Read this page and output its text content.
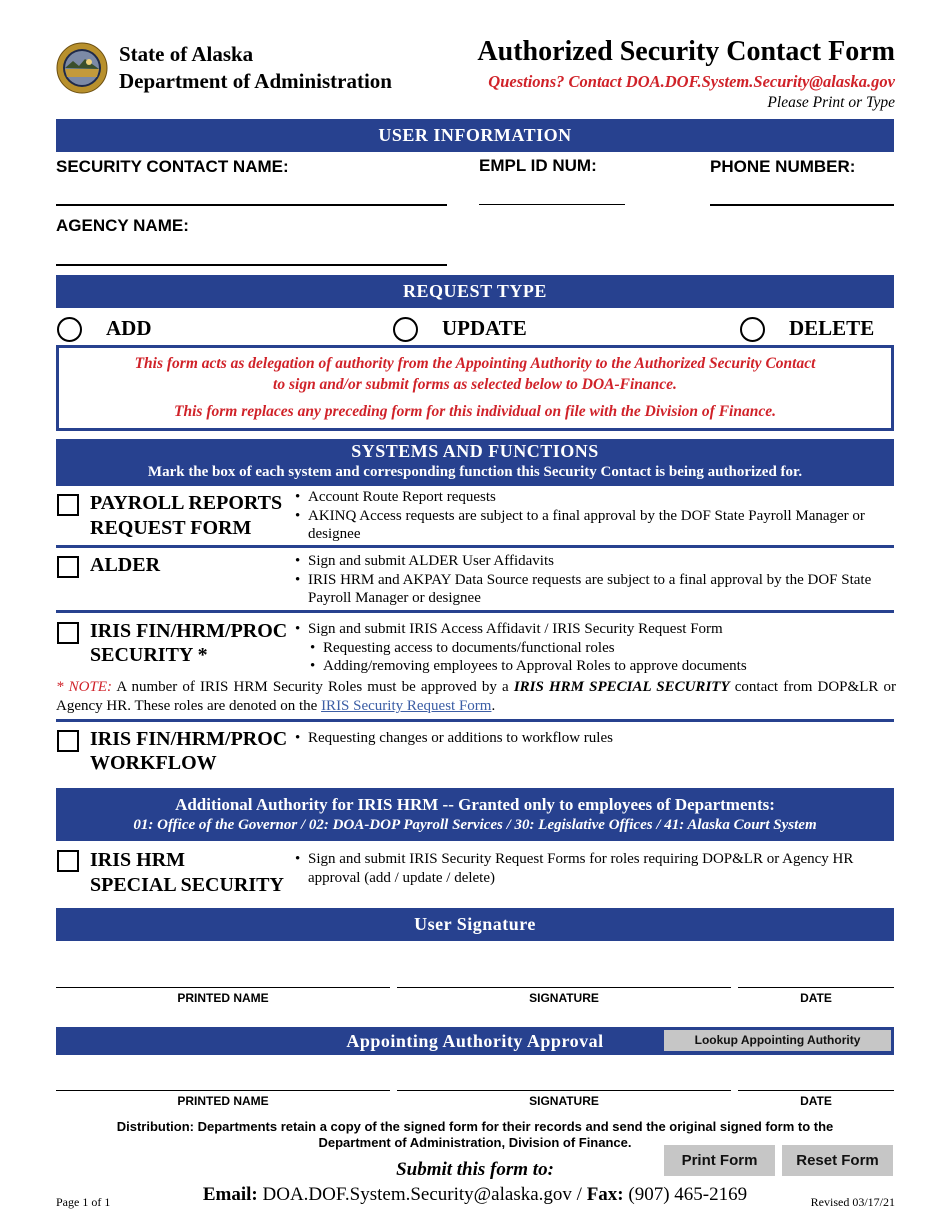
State of Alaska
Department of Administration
Authorized Security Contact Form
Questions? Contact DOA.DOF.System.Security@alaska.gov
Please Print or Type
USER INFORMATION
SECURITY CONTACT NAME:	EMPL ID NUM:	PHONE NUMBER:
AGENCY NAME:
REQUEST TYPE
ADD	UPDATE	DELETE
This form acts as delegation of authority from the Appointing Authority to the Authorized Security Contact
to sign and/or submit forms as selected below to DOA-Finance.
This form replaces any preceding form for this individual on file with the Division of Finance.
SYSTEMS AND FUNCTIONS
Mark the box of each system and corresponding function this Security Contact is being authorized for.
PAYROLL REPORTS
REQUEST FORM
• Account Route Report requests
• AKINQ Access requests are subject to a final approval by the DOF State Payroll Manager or designee
ALDER
•	Sign and submit ALDER User Affidavits
• IRIS HRM and AKPAY Data Source requests are subject to a final approval by the DOF State Payroll Manager or designee
IRIS FIN/HRM/PROC
SECURITY *
• Sign and submit IRIS Access Affidavit / IRIS Security Request Form
• Requesting access to documents/functional roles
• Adding/removing employees to Approval Roles to approve documents
* NOTE: A number of IRIS HRM Security Roles must be approved by a IRIS HRM SPECIAL SECURITY contact from DOP&LR or Agency HR. These roles are denoted on the IRIS Security Request Form.
IRIS FIN/HRM/PROC
WORKFLOW
• Requesting changes or additions to workflow rules
Additional Authority for IRIS HRM -- Granted only to employees of Departments:
01: Office of the Governor / 02: DOA-DOP Payroll Services / 30: Legislative Offices / 41: Alaska Court System
IRIS HRM
SPECIAL SECURITY
• Sign and submit IRIS Security Request Forms for roles requiring DOP&LR or Agency HR approval (add / update / delete)
User Signature
PRINTED NAME	SIGNATURE	DATE
Appointing Authority Approval	Lookup Appointing Authority
PRINTED NAME	SIGNATURE	DATE
Distribution: Departments retain a copy of the signed form for their records and send the original signed form to the
Department of Administration, Division of Finance.
Print Form	Reset Form
Submit this form to:
Email: DOA.DOF.System.Security@alaska.gov / Fax: (907) 465-2169
Page 1 of 1	Revised 03/17/21
